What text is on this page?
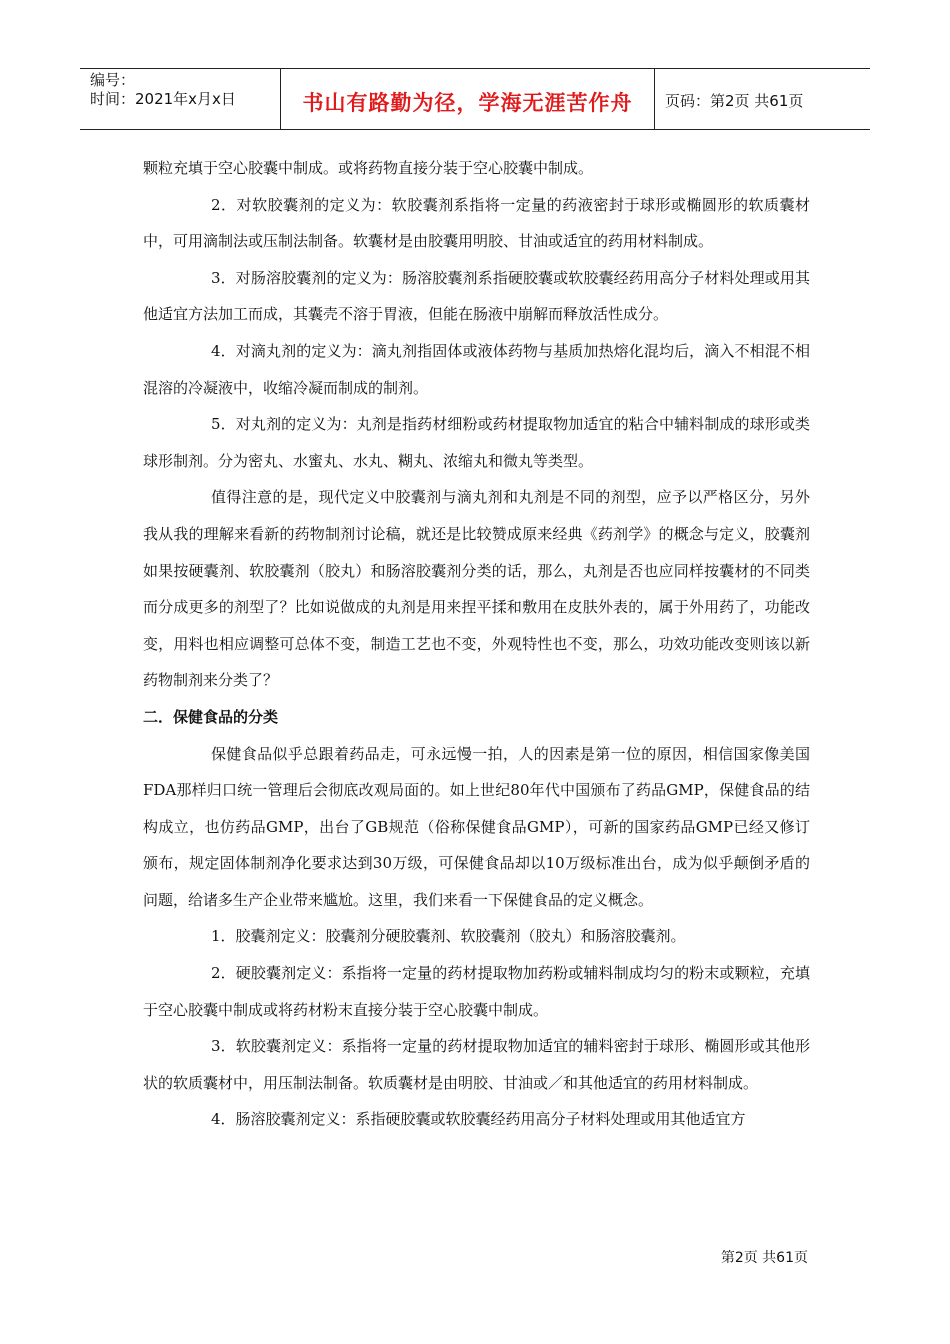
编号：
时间：2021年x月x日	书山有路勤为径，学海无涯苦作舟	页码：第2页 共61页

颗粒充填于空心胶囊中制成。或将药物直接分装于空心胶囊中制成。

2．对软胶囊剂的定义为：软胶囊剂系指将一定量的药液密封于球形或椭圆形的软质囊材中，可用滴制法或压制法制备。软囊材是由胶囊用明胶、甘油或适宜的药用材料制成。

3．对肠溶胶囊剂的定义为：肠溶胶囊剂系指硬胶囊或软胶囊经药用高分子材料处理或用其他适宜方法加工而成，其囊壳不溶于胃液，但能在肠液中崩解而释放活性成分。

4．对滴丸剂的定义为：滴丸剂指固体或液体药物与基质加热熔化混均后，滴入不相混不相混溶的冷凝液中，收缩冷凝而制成的制剂。

5．对丸剂的定义为：丸剂是指药材细粉或药材提取物加适宜的粘合中辅料制成的球形或类球形制剂。分为密丸、水蜜丸、水丸、糊丸、浓缩丸和微丸等类型。

值得注意的是，现代定义中胶囊剂与滴丸剂和丸剂是不同的剂型，应予以严格区分，另外我从我的理解来看新的药物制剂讨论稿，就还是比较赞成原来经典《药剂学》的概念与定义，胶囊剂如果按硬囊剂、软胶囊剂（胶丸）和肠溶胶囊剂分类的话，那么，丸剂是否也应同样按囊材的不同类而分成更多的剂型了？比如说做成的丸剂是用来捏平揉和敷用在皮肤外表的，属于外用药了，功能改变，用料也相应调整可总体不变，制造工艺也不变，外观特性也不变，那么，功效功能改变则该以新药物制剂来分类了？

二．保健食品的分类

保健食品似乎总跟着药品走，可永远慢一拍，人的因素是第一位的原因，相信国家像美国FDA那样归口统一管理后会彻底改观局面的。如上世纪80年代中国颁布了药品GMP，保健食品的结构成立，也仿药品GMP，出台了GB规范（俗称保健食品GMP），可新的国家药品GMP已经又修订颁布，规定固体制剂净化要求达到30万级，可保健食品却以10万级标准出台，成为似乎颠倒矛盾的问题，给诸多生产企业带来尴尬。这里，我们来看一下保健食品的定义概念。

1．胶囊剂定义：胶囊剂分硬胶囊剂、软胶囊剂（胶丸）和肠溶胶囊剂。

2．硬胶囊剂定义：系指将一定量的药材提取物加药粉或辅料制成均匀的粉末或颗粒，充填于空心胶囊中制成或将药材粉末直接分装于空心胶囊中制成。

3．软胶囊剂定义：系指将一定量的药材提取物加适宜的辅料密封于球形、椭圆形或其他形状的软质囊材中，用压制法制备。软质囊材是由明胶、甘油或／和其他适宜的药用材料制成。

4．肠溶胶囊剂定义：系指硬胶囊或软胶囊经药用高分子材料处理或用其他适宜方

第2页 共61页
